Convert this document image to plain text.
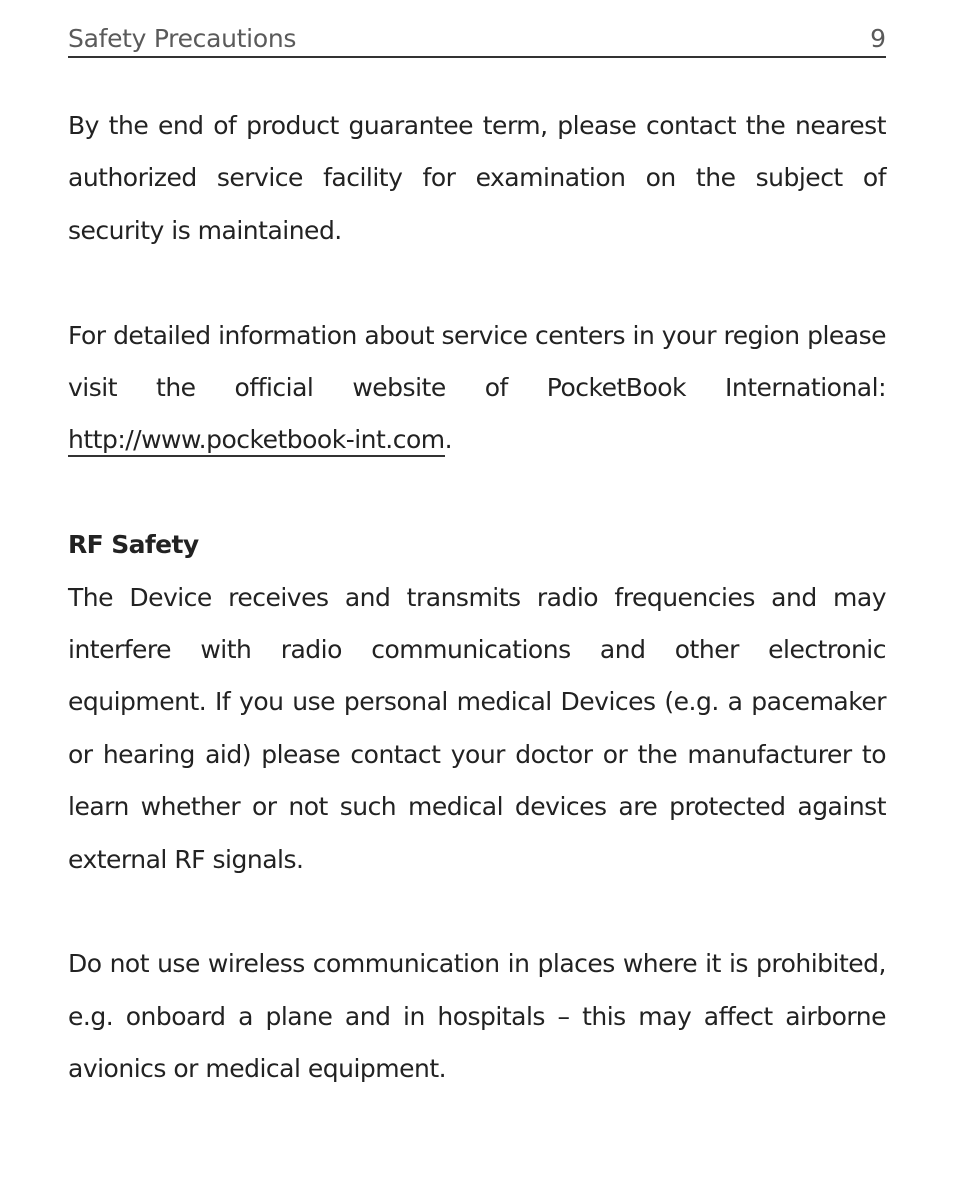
Safety Precautions	9

By the end of product guarantee term, please contact the nearest authorized service facility for examination on the subject of security is maintained.

For detailed information about service centers in your region please visit the official website of PocketBook International: http://www.pocketbook-int.com.

RF Safety

The Device receives and transmits radio frequencies and may interfere with radio communications and other electronic equipment. If you use personal medical Devices (e.g. a pacemaker or hearing aid) please contact your doctor or the manufacturer to learn whether or not such medical devices are protected against external RF signals.

Do not use wireless communication in places where it is prohibited, e.g. onboard a plane and in hospitals – this may affect airborne avionics or medical equipment.
